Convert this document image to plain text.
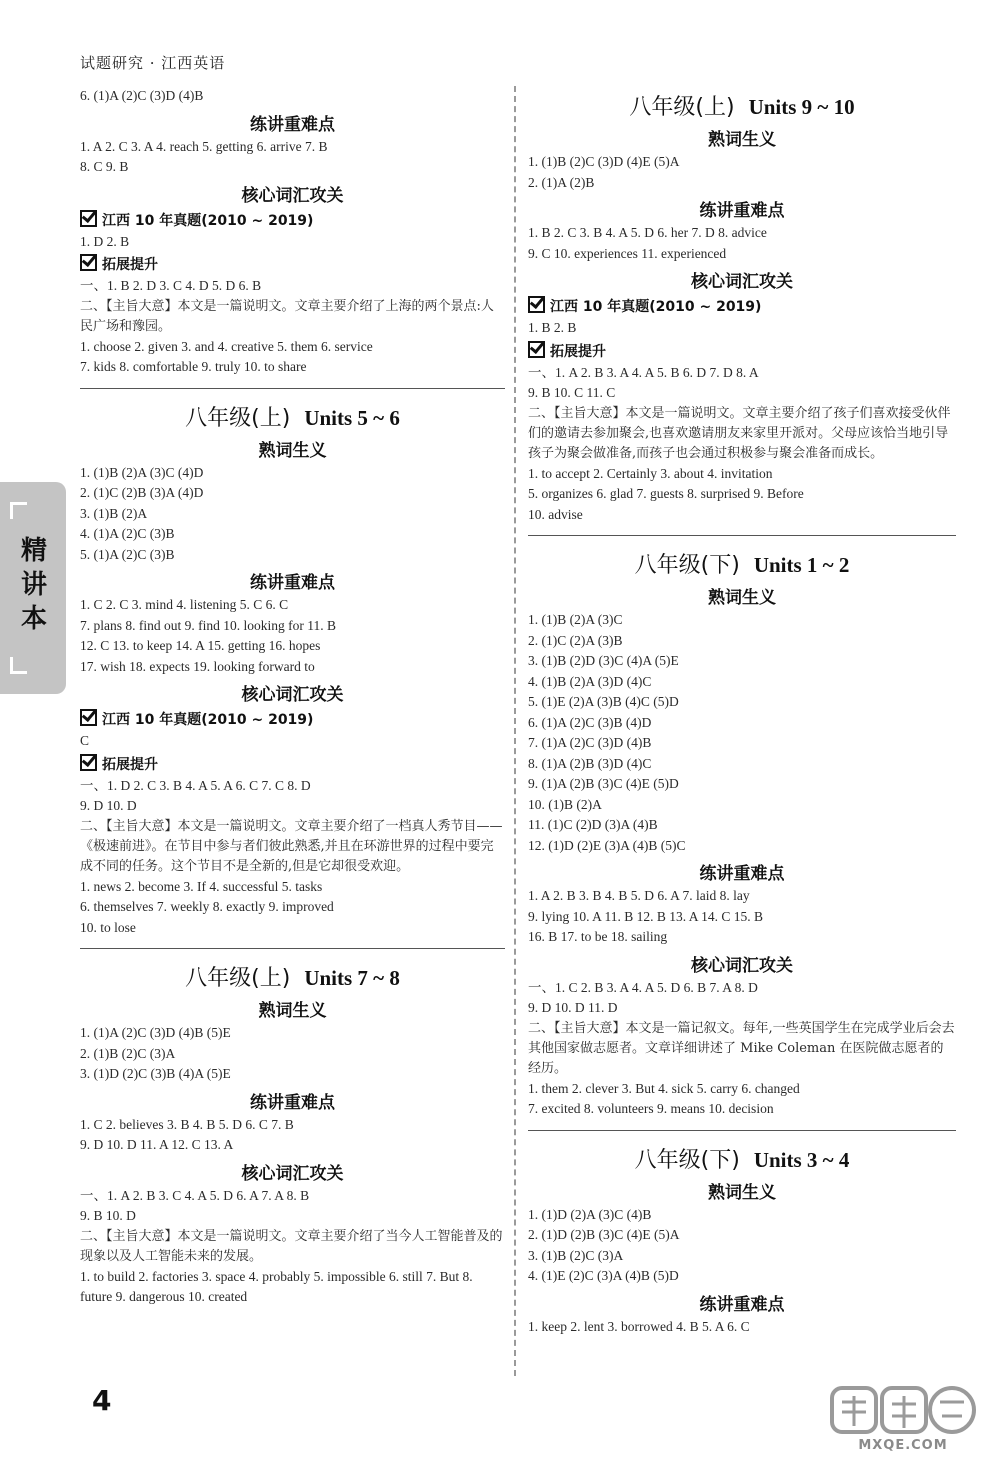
试题研究 · 江西英语
精
讲
本
6. (1)A (2)C (3)D (4)B
练讲重难点
1. A 2. C 3. A 4. reach 5. getting 6. arrive 7. B
8. C 9. B
核心词汇攻关
江西 10 年真题(2010 ~ 2019)
1. D 2. B
拓展提升
一、1. B 2. D 3. C 4. D 5. D 6. B
二、【主旨大意】本文是一篇说明文。文章主要介绍了上海的两个景点:人民广场和豫园。
1. choose 2. given 3. and 4. creative 5. them 6. service
7. kids 8. comfortable 9. truly 10. to share
八年级(上) Units 5 ~ 6
熟词生义
1. (1)B (2)A (3)C (4)D
2. (1)C (2)B (3)A (4)D
3. (1)B (2)A
4. (1)A (2)C (3)B
5. (1)A (2)C (3)B
练讲重难点
1. C 2. C 3. mind 4. listening 5. C 6. C
7. plans 8. find out 9. find 10. looking for 11. B
12. C 13. to keep 14. A 15. getting 16. hopes
17. wish 18. expects 19. looking forward to
核心词汇攻关
江西 10 年真题(2010 ~ 2019)
C
拓展提升
一、1. D 2. C 3. B 4. A 5. A 6. C 7. C 8. D
9. D 10. D
二、【主旨大意】本文是一篇说明文。文章主要介绍了一档真人秀节目——《极速前进》。在节目中参与者们彼此熟悉,并且在环游世界的过程中要完成不同的任务。这个节目不是全新的,但是它却很受欢迎。
1. news 2. become 3. If 4. successful 5. tasks
6. themselves 7. weekly 8. exactly 9. improved
10. to lose
八年级(上) Units 7 ~ 8
熟词生义
1. (1)A (2)C (3)D (4)B (5)E
2. (1)B (2)C (3)A
3. (1)D (2)C (3)B (4)A (5)E
练讲重难点
1. C 2. believes 3. B 4. B 5. D 6. C 7. B
9. D 10. D 11. A 12. C 13. A
核心词汇攻关
一、1. A 2. B 3. C 4. A 5. D 6. A 7. A 8. B
9. B 10. D
二、【主旨大意】本文是一篇说明文。文章主要介绍了当今人工智能普及的现象以及人工智能未来的发展。
1. to build 2. factories 3. space 4. probably 5. impossible 6. still 7. But 8. future 9. dangerous 10. created
八年级(上) Units 9 ~ 10
熟词生义
1. (1)B (2)C (3)D (4)E (5)A
2. (1)A (2)B
练讲重难点
1. B 2. C 3. B 4. A 5. D 6. her 7. D 8. advice
9. C 10. experiences 11. experienced
核心词汇攻关
江西 10 年真题(2010 ~ 2019)
1. B 2. B
拓展提升
一、1. A 2. B 3. A 4. A 5. B 6. D 7. D 8. A
9. B 10. C 11. C
二、【主旨大意】本文是一篇说明文。文章主要介绍了孩子们喜欢接受伙伴们的邀请去参加聚会,也喜欢邀请朋友来家里开派对。父母应该恰当地引导孩子为聚会做准备,而孩子也会通过积极参与聚会准备而成长。
1. to accept 2. Certainly 3. about 4. invitation
5. organizes 6. glad 7. guests 8. surprised 9. Before
10. advise
八年级(下) Units 1 ~ 2
熟词生义
1. (1)B (2)A (3)C
2. (1)C (2)A (3)B
3. (1)B (2)D (3)C (4)A (5)E
4. (1)B (2)A (3)D (4)C
5. (1)E (2)A (3)B (4)C (5)D
6. (1)A (2)C (3)B (4)D
7. (1)A (2)C (3)D (4)B
8. (1)A (2)B (3)D (4)C
9. (1)A (2)B (3)C (4)E (5)D
10. (1)B (2)A
11. (1)C (2)D (3)A (4)B
12. (1)D (2)E (3)A (4)B (5)C
练讲重难点
1. A 2. B 3. B 4. B 5. D 6. A 7. laid 8. lay
9. lying 10. A 11. B 12. B 13. A 14. C 15. B
16. B 17. to be 18. sailing
核心词汇攻关
一、1. C 2. B 3. A 4. A 5. D 6. B 7. A 8. D
9. D 10. D 11. D
二、【主旨大意】本文是一篇记叙文。每年,一些英国学生在完成学业后会去其他国家做志愿者。文章详细讲述了 Mike Coleman 在医院做志愿者的经历。
1. them 2. clever 3. But 4. sick 5. carry 6. changed
7. excited 8. volunteers 9. means 10. decision
八年级(下) Units 3 ~ 4
熟词生义
1. (1)D (2)A (3)C (4)B
2. (1)D (2)B (3)C (4)E (5)A
3. (1)B (2)C (3)A
4. (1)E (2)C (3)A (4)B (5)D
练讲重难点
1. keep 2. lent 3. borrowed 4. B 5. A 6. C
4
MXQE.COM
